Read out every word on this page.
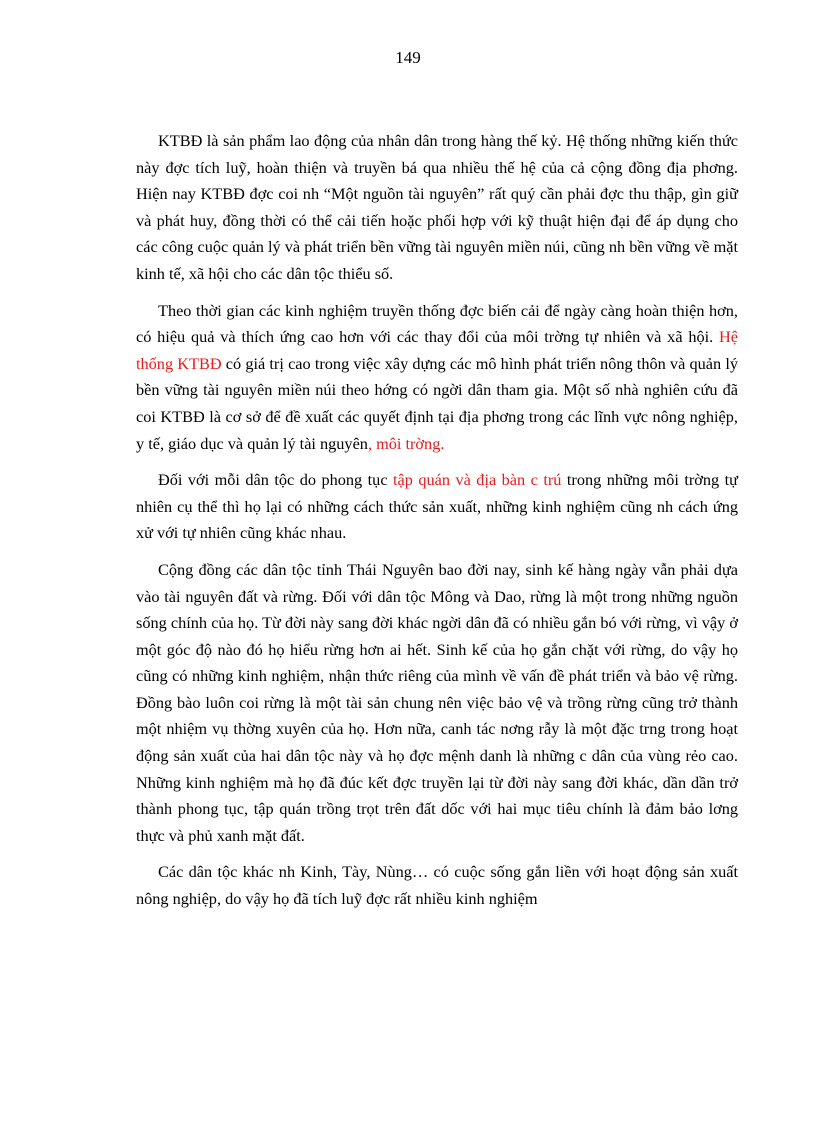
149

KTBĐ là sản phẩm lao động của nhân dân trong hàng thế kỷ. Hệ thống những kiến thức này đợc tích luỹ, hoàn thiện và truyền bá qua nhiều thế hệ của cả cộng đồng địa phơng. Hiện nay KTBĐ đợc coi nh “Một nguồn tài nguyên” rất quý cần phải đợc thu thập, gìn giữ và phát huy, đồng thời có thể cải tiến hoặc phối hợp với kỹ thuật hiện đại để áp dụng cho các công cuộc quản lý và phát triển bền vững tài nguyên miền núi, cũng nh bền vững về mặt kinh tế, xã hội cho các dân tộc thiểu số.

Theo thời gian các kinh nghiệm truyền thống đợc biến cải để ngày càng hoàn thiện hơn, có hiệu quả và thích ứng cao hơn với các thay đổi của môi trờng tự nhiên và xã hội. Hệ thống KTBĐ có giá trị cao trong việc xây dựng các mô hình phát triển nông thôn và quản lý bền vững tài nguyên miền núi theo hớng có ngời dân tham gia. Một số nhà nghiên cứu đã coi KTBĐ là cơ sở để đề xuất các quyết định tại địa phơng trong các lĩnh vực nông nghiệp, y tế, giáo dục và quản lý tài nguyên, môi trờng.

Đối với mỗi dân tộc do phong tục tập quán và địa bàn c trú trong những môi trờng tự nhiên cụ thể thì họ lại có những cách thức sản xuất, những kinh nghiệm cũng nh cách ứng xử với tự nhiên cũng khác nhau.

Cộng đồng các dân tộc tỉnh Thái Nguyên bao đời nay, sinh kế hàng ngày vẫn phải dựa vào tài nguyên đất và rừng. Đối với dân tộc Mông và Dao, rừng là một trong những nguồn sống chính của họ. Từ đời này sang đời khác ngời dân đã có nhiều gắn bó với rừng, vì vậy ở một góc độ nào đó họ hiểu rừng hơn ai hết. Sinh kế của họ gắn chặt với rừng, do vậy họ cũng có những kinh nghiệm, nhận thức riêng của mình về vấn đề phát triển và bảo vệ rừng. Đồng bào luôn coi rừng là một tài sản chung nên việc bảo vệ và trồng rừng cũng trở thành một nhiệm vụ thờng xuyên của họ. Hơn nữa, canh tác nơng rẫy là một đặc trng trong hoạt động sản xuất của hai dân tộc này và họ đợc mệnh danh là những c dân của vùng rẻo cao. Những kinh nghiệm mà họ đã đúc kết đợc truyền lại từ đời này sang đời khác, dần dần trở thành phong tục, tập quán trồng trọt trên đất dốc với hai mục tiêu chính là đảm bảo lơng thực và phủ xanh mặt đất.

Các dân tộc khác nh Kinh, Tày, Nùng… có cuộc sống gắn liền với hoạt động sản xuất nông nghiệp, do vậy họ đã tích luỹ đợc rất nhiều kinh nghiệm
